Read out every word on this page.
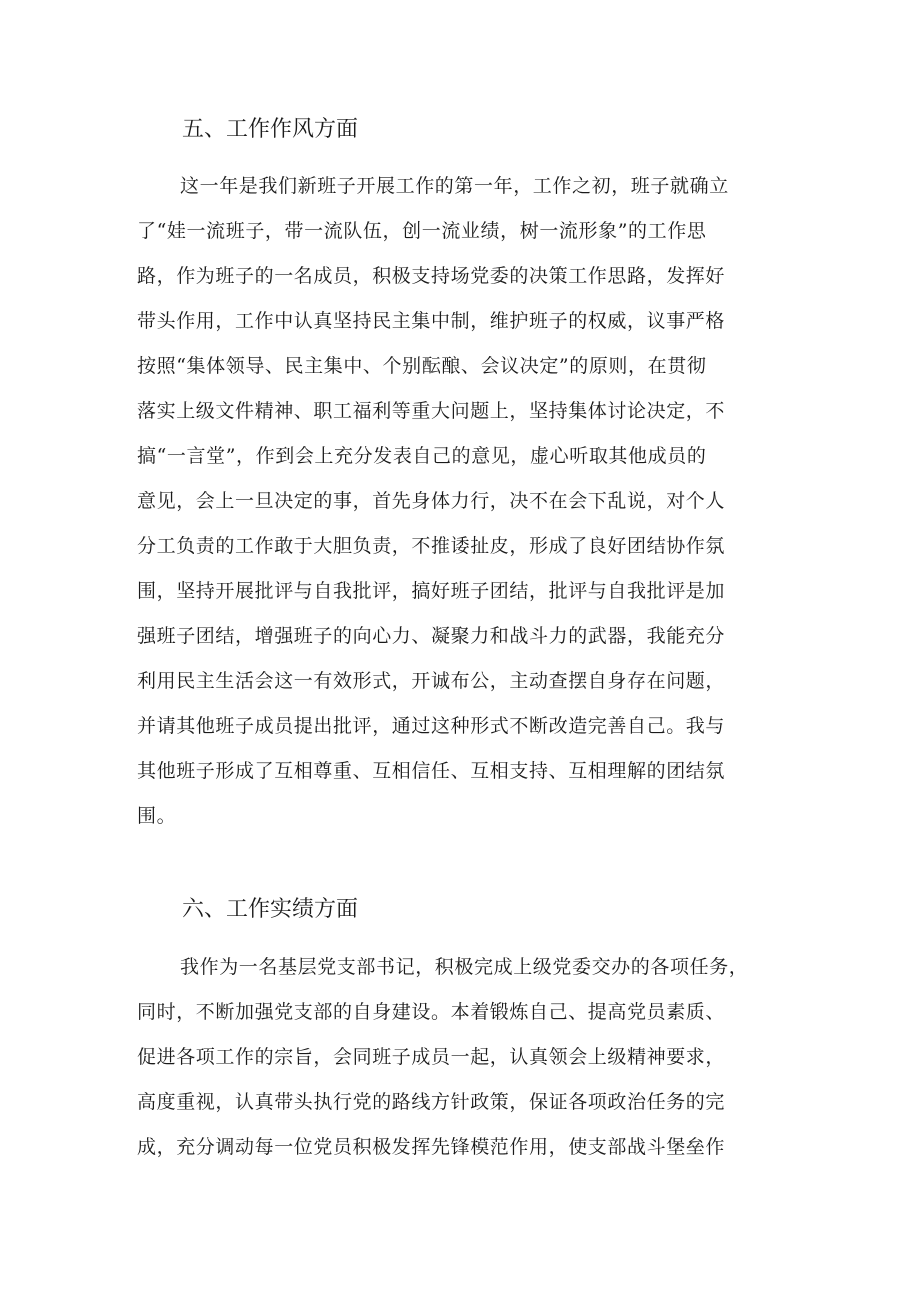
五、工作作风方面
这一年是我们新班子开展工作的第一年，工作之初，班子就确立
了“娃一流班子，带一流队伍，创一流业绩，树一流形象”的工作思
路，作为班子的一名成员，积极支持场党委的决策工作思路，发挥好
带头作用，工作中认真坚持民主集中制，维护班子的权威，议事严格
按照“集体领导、民主集中、个别酝酿、会议决定”的原则，在贯彻
落实上级文件精神、职工福利等重大问题上，坚持集体讨论决定，不
搞“一言堂”，作到会上充分发表自己的意见，虚心听取其他成员的
意见，会上一旦决定的事，首先身体力行，决不在会下乱说，对个人
分工负责的工作敢于大胆负责，不推诿扯皮，形成了良好团结协作氛
围，坚持开展批评与自我批评，搞好班子团结，批评与自我批评是加
强班子团结，增强班子的向心力、凝聚力和战斗力的武器，我能充分
利用民主生活会这一有效形式，开诚布公，主动查摆自身存在问题，
并请其他班子成员提出批评，通过这种形式不断改造完善自己。我与
其他班子形成了互相尊重、互相信任、互相支持、互相理解的团结氛
围。
六、工作实绩方面
我作为一名基层党支部书记，积极完成上级党委交办的各项任务，
同时，不断加强党支部的自身建设。本着锻炼自己、提高党员素质、
促进各项工作的宗旨，会同班子成员一起，认真领会上级精神要求，
高度重视，认真带头执行党的路线方针政策，保证各项政治任务的完
成，充分调动每一位党员积极发挥先锋模范作用，使支部战斗堡垒作
